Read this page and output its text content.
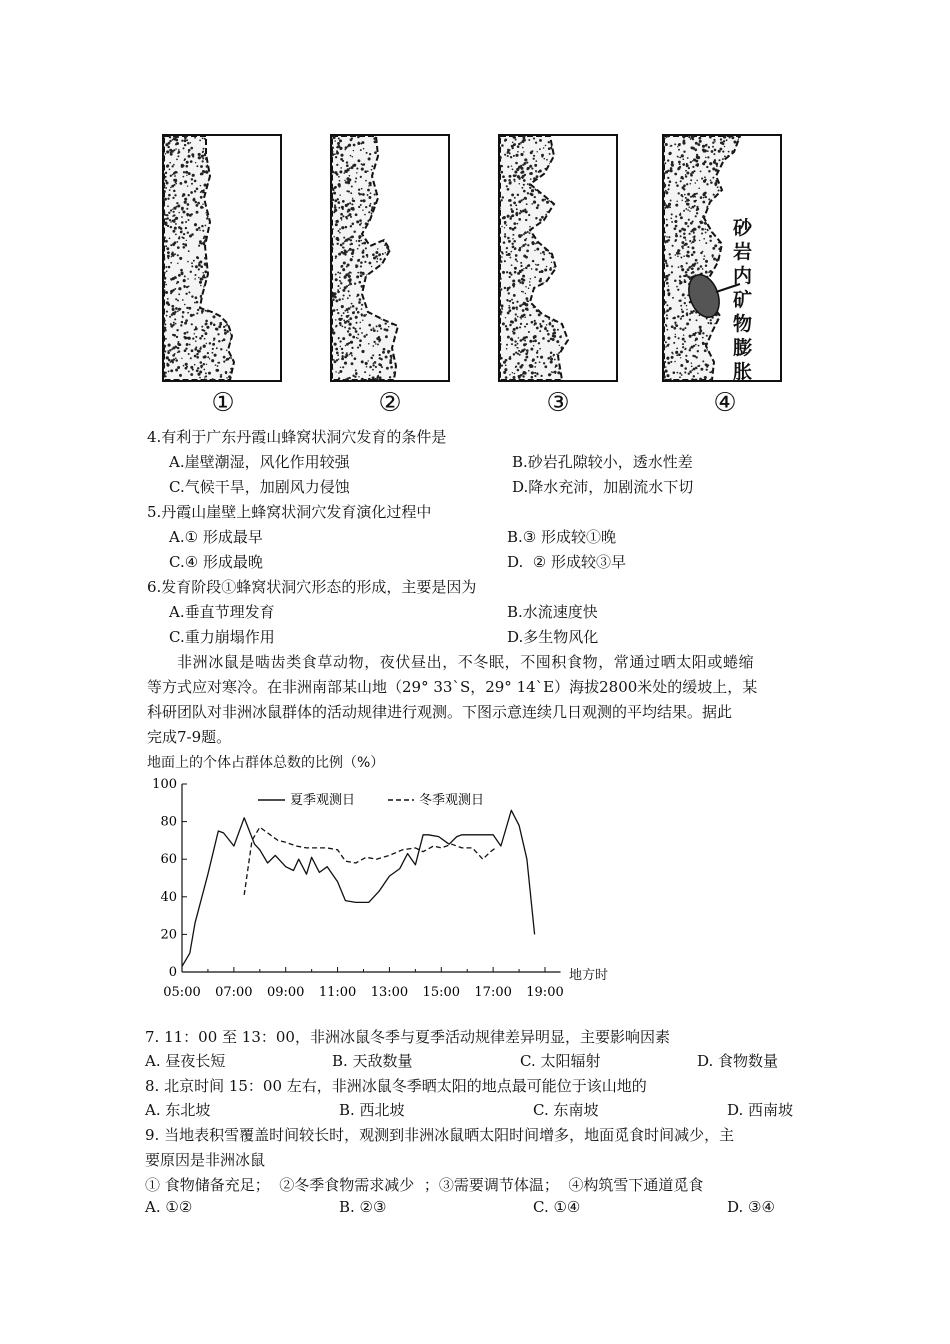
砂岩内矿物膨胀
①	②	③	④
4.有利于广东丹霞山蜂窝状洞穴发育的条件是
A.崖壁潮湿，风化作用较强	B.砂岩孔隙较小，透水性差
C.气候干旱，加剧风力侵蚀	D.降水充沛，加剧流水下切
5.丹霞山崖壁上蜂窝状洞穴发育演化过程中
A.① 形成最早	B.③ 形成较①晚
C.④ 形成最晚	D.  ② 形成较③早
6.发育阶段①蜂窝状洞穴形态的形成，主要是因为
A.垂直节理发育	B.水流速度快
C.重力崩塌作用	D.多生物风化
非洲冰鼠是啮齿类食草动物，夜伏昼出，不冬眠，不囤积食物，常通过晒太阳或蜷缩
等方式应对寒冷。在非洲南部某山地（29° 33`S，29° 14`E）海拔2800米处的缓坡上，某
科研团队对非洲冰鼠群体的活动规律进行观测。下图示意连续几日观测的平均结果。据此
完成7-9题。
地面上的个体占群体总数的比例（%）
0
20
40
60
80
100
05:00 07:00 09:00 11:00 13:00 15:00 17:00 19:00
夏季观测日	冬季观测日
地方时
7. 11：00 至 13：00，非洲冰鼠冬季与夏季活动规律差异明显，主要影响因素
A. 昼夜长短	B. 天敌数量	C. 太阳辐射	D. 食物数量
8. 北京时间 15：00 左右，非洲冰鼠冬季晒太阳的地点最可能位于该山地的
A. 东北坡	B. 西北坡	C. 东南坡	D. 西南坡
9. 当地表积雪覆盖时间较长时，观测到非洲冰鼠晒太阳时间增多，地面觅食时间减少，主
要原因是非洲冰鼠
① 食物储备充足；  ②冬季食物需求减少  ；③需要调节体温；  ④构筑雪下通道觅食
A. ①②	B. ②③	C. ①④	D. ③④
